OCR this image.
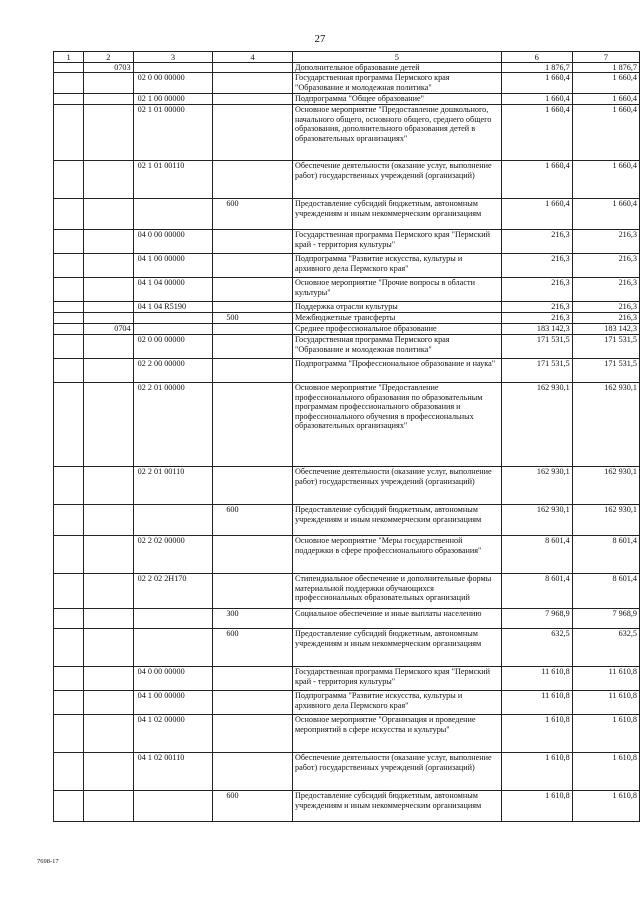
27
1	2	3	4	5	6	7
	0703			Дополнительное образование детей	1 876,7	1 876,7
		02 0 00 00000		Государственная программа Пермского края "Образование и молодежная политика"	1 660,4	1 660,4
		02 1 00 00000		Подпрограмма "Общее образование"	1 660,4	1 660,4
		02 1 01 00000		Основное мероприятие "Предоставление дошкольного, начального общего, основного общего, среднего общего образования, дополнительного образования детей в образовательных организациях"	1 660,4	1 660,4
		02 1 01 00110		Обеспечение деятельности (оказание услуг, выполнение работ) государственных учреждений (организаций)	1 660,4	1 660,4
			600	Предоставление субсидий бюджетным, автономным учреждениям и иным некоммерческим организациям	1 660,4	1 660,4
		04 0 00 00000		Государственная программа Пермского края "Пермский край - территория культуры"	216,3	216,3
		04 1 00 00000		Подпрограмма "Развитие искусства, культуры и архивного дела Пермского края"	216,3	216,3
		04 1 04 00000		Основное мероприятие "Прочие вопросы в области культуры"	216,3	216,3
		04 1 04 R5190		Поддержка отрасли культуры	216,3	216,3
			500	Межбюджетные трансферты	216,3	216,3
	0704			Среднее профессиональное образование	183 142,3	183 142,3
		02 0 00 00000		Государственная программа Пермского края "Образование и молодежная политика"	171 531,5	171 531,5
		02 2 00 00000		Подпрограмма "Профессиональное образование и наука"	171 531,5	171 531,5
		02 2 01 00000		Основное мероприятие "Предоставление профессионального образования по образовательным программам профессионального образования и профессионального обучения в профессиональных образовательных организациях"	162 930,1	162 930,1
		02 2 01 00110		Обеспечение деятельности (оказание услуг, выполнение работ) государственных учреждений (организаций)	162 930,1	162 930,1
			600	Предоставление субсидий бюджетным, автономным учреждениям и иным некоммерческим организациям	162 930,1	162 930,1
		02 2 02 00000		Основное мероприятие "Меры государственной поддержки в сфере профессионального образования"	8 601,4	8 601,4
		02 2 02 2Н170		Стипендиальное обеспечение и дополнительные формы материальной поддержки обучающихся профессиональных образовательных организаций	8 601,4	8 601,4
			300	Социальное обеспечение и иные выплаты населению	7 968,9	7 968,9
			600	Предоставление субсидий бюджетным, автономным учреждениям и иным некоммерческим организациям	632,5	632,5
		04 0 00 00000		Государственная программа Пермского края "Пермский край - территория культуры"	11 610,8	11 610,8
		04 1 00 00000		Подпрограмма "Развитие искусства, культуры и архивного дела Пермского края"	11 610,8	11 610,8
		04 1 02 00000		Основное мероприятие "Организация и проведение мероприятий в сфере искусства и культуры"	1 610,8	1 610,8
		04 1 02 00110		Обеспечение деятельности (оказание услуг, выполнение работ) государственных учреждений (организаций)	1 610,8	1 610,8
			600	Предоставление субсидий бюджетным, автономным учреждениям и иным некоммерческим организациям	1 610,8	1 610,8
7698-17
